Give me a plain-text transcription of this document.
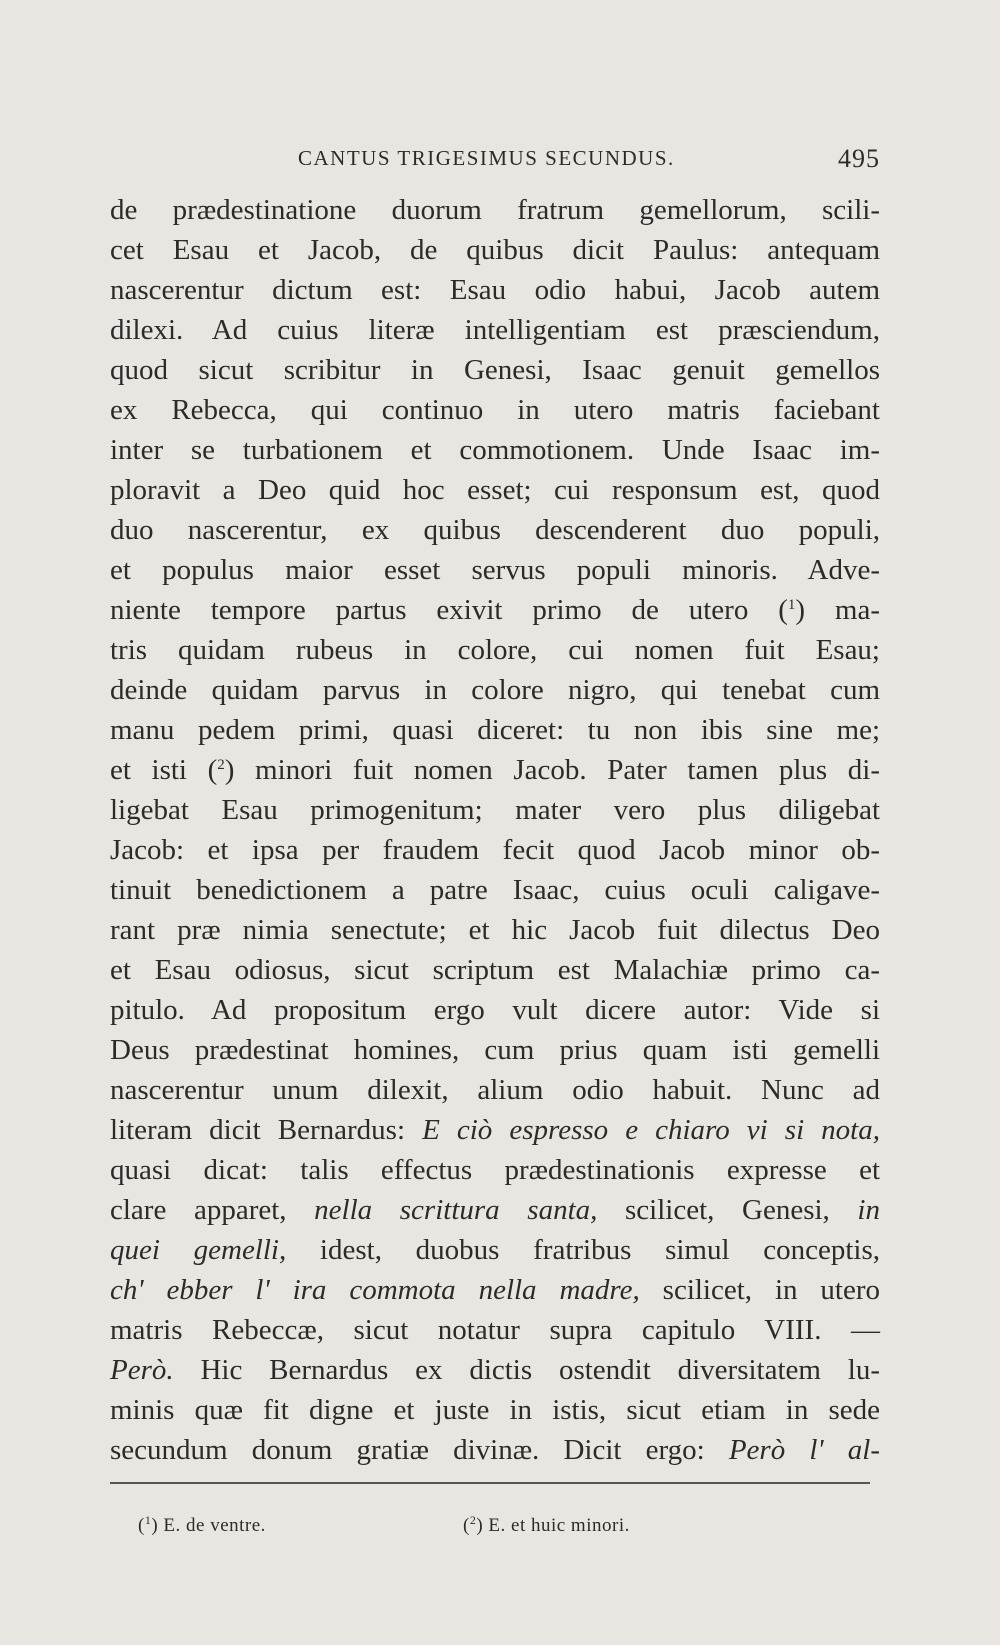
CANTUS TRIGESIMUS SECUNDUS.	495
de prædestinatione duorum fratrum gemellorum, scili-
cet Esau et Jacob, de quibus dicit Paulus: antequam
nascerentur dictum est: Esau odio habui, Jacob autem
dilexi. Ad cuius literæ intelligentiam est præsciendum,
quod sicut scribitur in Genesi, Isaac genuit gemellos
ex Rebecca, qui continuo in utero matris faciebant
inter se turbationem et commotionem. Unde Isaac im-
ploravit a Deo quid hoc esset; cui responsum est, quod
duo nascerentur, ex quibus descenderent duo populi,
et populus maior esset servus populi minoris. Adve-
niente tempore partus exivit primo de utero ($^1$) ma-
tris quidam rubeus in colore, cui nomen fuit Esau;
deinde quidam parvus in colore nigro, qui tenebat cum
manu pedem primi, quasi diceret: tu non ibis sine me;
et isti ($^2$) minori fuit nomen Jacob. Pater tamen plus di-
ligebat Esau primogenitum; mater vero plus diligebat
Jacob: et ipsa per fraudem fecit quod Jacob minor ob-
tinuit benedictionem a patre Isaac, cuius oculi caligave-
rant præ nimia senectute; et hic Jacob fuit dilectus Deo
et Esau odiosus, sicut scriptum est Malachiæ primo ca-
pitulo. Ad propositum ergo vult dicere autor: Vide si
Deus prædestinat homines, cum prius quam isti gemelli
nascerentur unum dilexit, alium odio habuit. Nunc ad
literam dicit Bernardus: E ciò espresso e chiaro vi si nota,
quasi dicat: talis effectus prædestinationis expresse et
clare apparet, nella scrittura santa, scilicet, Genesi, in
quei gemelli, idest, duobus fratribus simul conceptis,
ch' ebber l' ira commota nella madre, scilicet, in utero
matris Rebeccæ, sicut notatur supra capitulo VIII. —
Però. Hic Bernardus ex dictis ostendit diversitatem lu-
minis quæ fit digne et juste in istis, sicut etiam in sede
secundum donum gratiæ divinæ. Dicit ergo: Però l' al-
($^1$) E. de ventre.	($^2$) E. et huic minori.
